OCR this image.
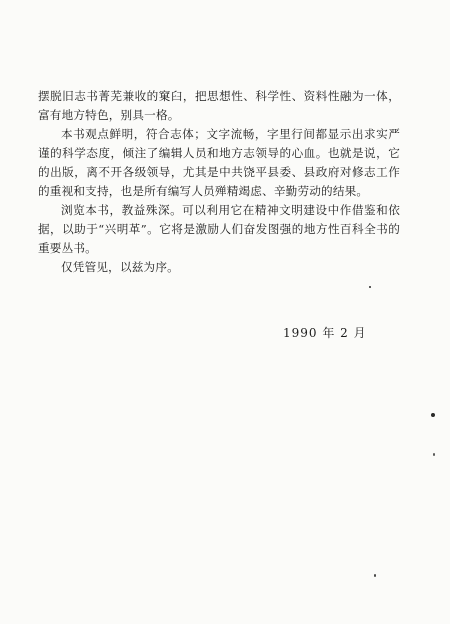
摆脱旧志书菁芜兼收的窠臼，把思想性、科学性、资料性融为一体，富有地方特色，别具一格。

本书观点鲜明，符合志体；文字流畅，字里行间都显示出求实严谨的科学态度，倾注了编辑人员和地方志领导的心血。也就是说，它的出版，离不开各级领导，尤其是中共饶平县委、县政府对修志工作的重视和支持，也是所有编写人员殚精竭虑、辛勤劳动的结果。

浏览本书，教益殊深。可以利用它在精神文明建设中作借鉴和依据，以助于“兴明革”。它将是激励人们奋发图强的地方性百科全书的重要丛书。

仅凭管见，以兹为序。

1990 年 2 月
